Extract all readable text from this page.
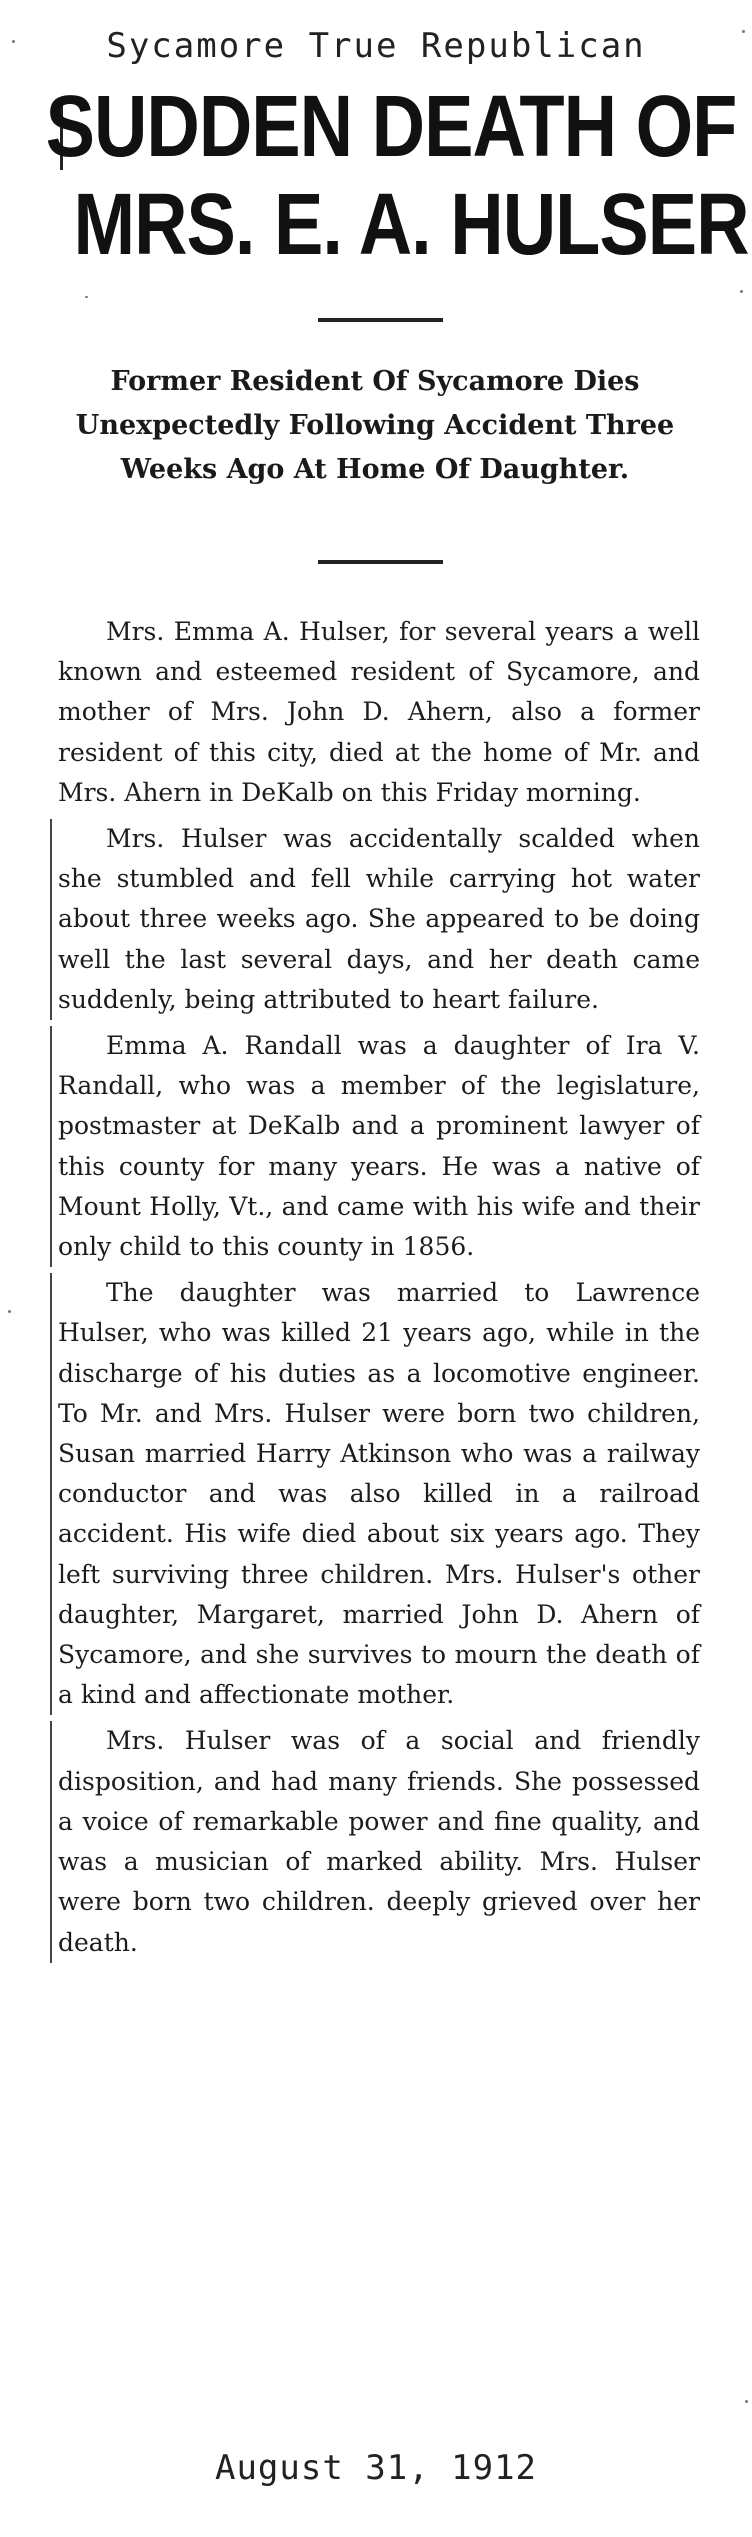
Sycamore True Republican
SUDDEN DEATH OF
MRS. E. A. HULSER
Former Resident Of Sycamore Dies Unexpectedly Following Accident Three Weeks Ago At Home Of Daughter.

Mrs. Emma A. Hulser, for several years a well known and esteemed resident of Sycamore, and mother of Mrs. John D. Ahern, also a former resident of this city, died at the home of Mr. and Mrs. Ahern in DeKalb on this Friday morning.

Mrs. Hulser was accidentally scalded when she stumbled and fell while carrying hot water about three weeks ago. She appeared to be doing well the last several days, and her death came suddenly, being attributed to heart failure.

Emma A. Randall was a daughter of Ira V. Randall, who was a member of the legislature, postmaster at DeKalb and a prominent lawyer of this county for many years. He was a native of Mount Holly, Vt., and came with his wife and their only child to this county in 1856.

The daughter was married to Lawrence Hulser, who was killed 21 years ago, while in the discharge of his duties as a locomotive engineer. To Mr. and Mrs. Hulser were born two children, Susan married Harry Atkinson who was a railway conductor and was also killed in a railroad accident. His wife died about six years ago. They left surviving three children. Mrs. Hulser's other daughter, Margaret, married John D. Ahern of Sycamore, and she survives to mourn the death of a kind and affectionate mother.

Mrs. Hulser was of a social and friendly disposition, and had many friends. She possessed a voice of remarkable power and fine quality, and was a musician of marked ability. Mrs. Hulser were born two children. deeply grieved over her death.

August 31, 1912
